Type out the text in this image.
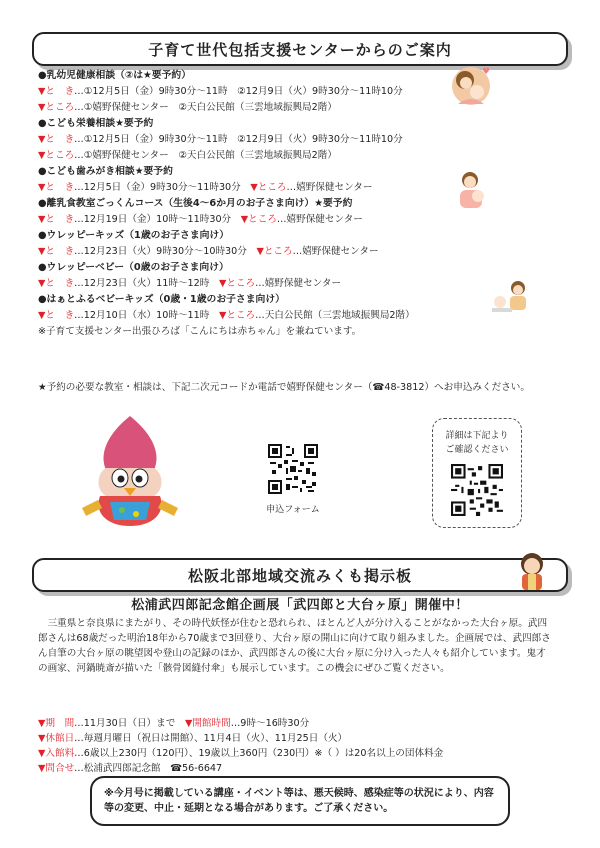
子育て世代包括支援センターからのご案内
●乳幼児健康相談（②は★要予約）
▼と　き…①12月5日（金）9時30分～11時　②12月9日（火）9時30分～11時10分
▼ところ…①嬉野保健センター　②天白公民館（三雲地域振興局2階）
●こども栄養相談★要予約
▼と　き…①12月5日（金）9時30分～11時　②12月9日（火）9時30分～11時10分
▼ところ…①嬉野保健センター　②天白公民館（三雲地域振興局2階）
●こども歯みがき相談★要予約
▼と　き…12月5日（金）9時30分～11時30分　▼ところ…嬉野保健センター
●離乳食教室ごっくんコース（生後4～6か月のお子さま向け）★要予約
▼と　き…12月19日（金）10時～11時30分　▼ところ…嬉野保健センター
●ウレッピーキッズ（1歳のお子さま向け）
▼と　き…12月23日（火）9時30分～10時30分　▼ところ…嬉野保健センター
●ウレッピーベビー（0歳のお子さま向け）
▼と　き…12月23日（火）11時～12時　▼ところ…嬉野保健センター
●はぁとふるベビーキッズ（0歳・1歳のお子さま向け）
▼と　き…12月10日（水）10時～11時　▼ところ…天白公民館（三雲地域振興局2階）
※子育て支援センター出張ひろば「こんにちは赤ちゃん」を兼ねています。
♥
★予約の必要な教室・相談は、下記二次元コードか電話で嬉野保健センター（☎48-3812）へお申込みください。
申込フォーム
詳細は下記より
ご確認ください
松阪北部地域交流みくも掲示板
松浦武四郎記念館企画展「武四郎と大台ヶ原」開催中！
三重県と奈良県にまたがり、その時代妖怪が住むと恐れられ、ほとんど人が分け入ることがなかった大台ヶ原。武四郎さんは68歳だった明治18年から70歳まで3回登り、大台ヶ原の開山に向けて取り組みました。企画展では、武四郎さん自筆の大台ヶ原の眺望図や登山の記録のほか、武四郎さんの後に大台ヶ原に分け入った人々も紹介しています。鬼才の画家、河鍋暁斎が描いた「骸骨図縫付傘」も展示しています。この機会にぜひご覧ください。
▼期　間…11月30日（日）まで　▼開館時間…9時～16時30分
▼休館日…毎週月曜日（祝日は開館）、11月4日（火）、11月25日（火）
▼入館料…6歳以上230円（120円）、19歳以上360円（230円）※（ ）は20名以上の団体料金
▼問合せ…松浦武四郎記念館　☎56-6647
※今月号に掲載している講座・イベント等は、悪天候時、感染症等の状況により、内容等の変更、中止・延期となる場合があります。ご了承ください。
